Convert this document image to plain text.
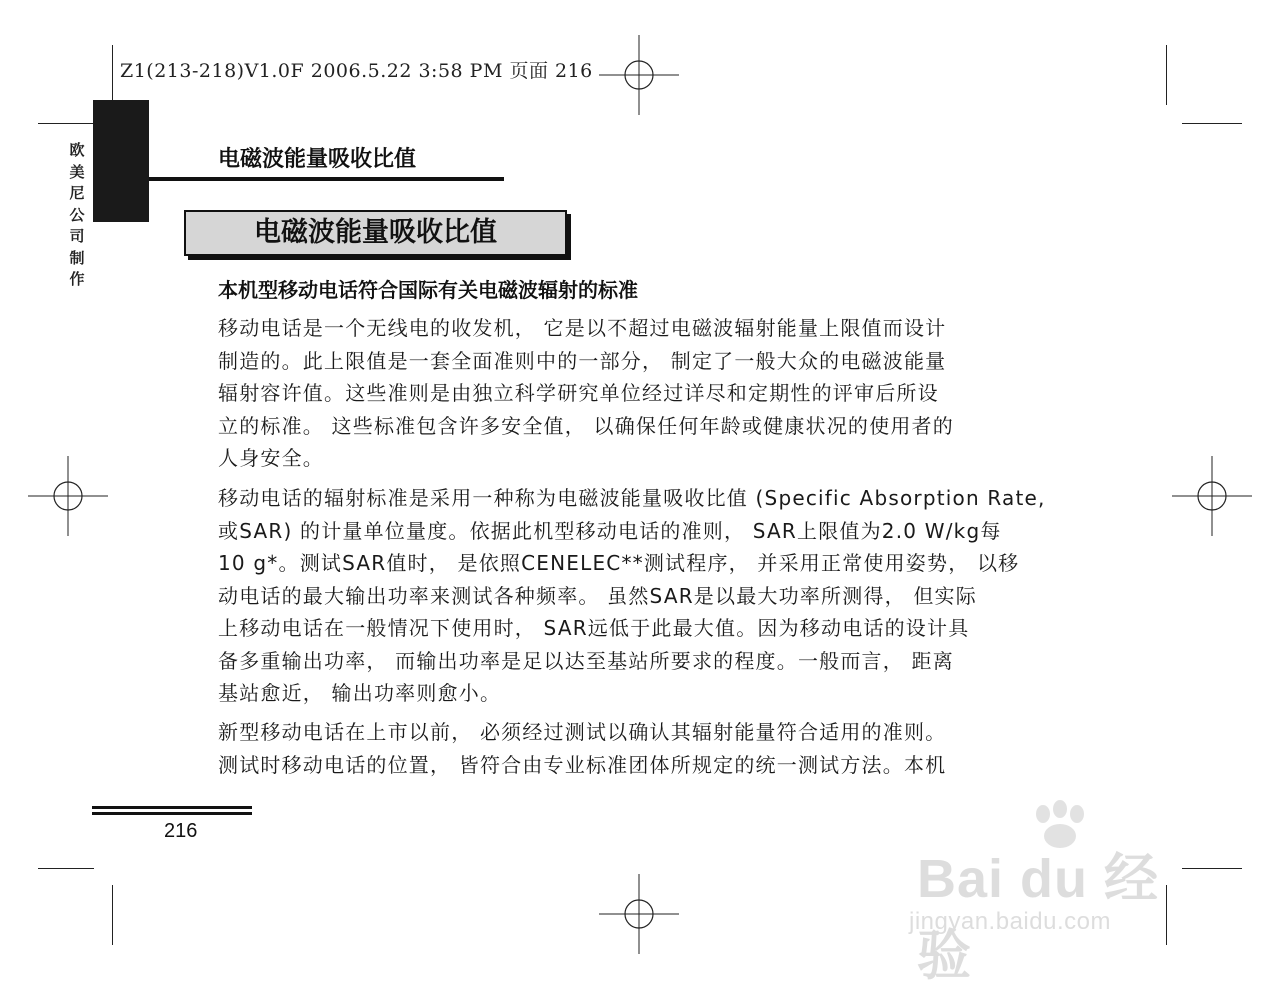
Z1(213-218)V1.0F 2006.5.22 3:58 PM 页面 216
欧
美
尼
公
司
制
作
电磁波能量吸收比值
电磁波能量吸收比值
本机型移动电话符合国际有关电磁波辐射的标准
移动电话是一个无线电的收发机， 它是以不超过电磁波辐射能量上限值而设计
制造的。此上限值是一套全面准则中的一部分， 制定了一般大众的电磁波能量
辐射容许值。这些准则是由独立科学研究单位经过详尽和定期性的评审后所设
立的标准。 这些标准包含许多安全值， 以确保任何年龄或健康状况的使用者的
人身安全。
移动电话的辐射标准是采用一种称为电磁波能量吸收比值 (Specific Absorption Rate,
或SAR) 的计量单位量度。依据此机型移动电话的准则， SAR上限值为2.0 W/kg每
10 g*。测试SAR值时， 是依照CENELEC**测试程序， 并采用正常使用姿势， 以移
动电话的最大输出功率来测试各种频率。 虽然SAR是以最大功率所测得， 但实际
上移动电话在一般情况下使用时， SAR远低于此最大值。因为移动电话的设计具
备多重输出功率， 而输出功率是足以达至基站所要求的程度。一般而言， 距离
基站愈近， 输出功率则愈小。
新型移动电话在上市以前， 必须经过测试以确认其辐射能量符合适用的准则。
测试时移动电话的位置， 皆符合由专业标准团体所规定的统一测试方法。本机
216
Bai du 经验
jingyan.baidu.com
